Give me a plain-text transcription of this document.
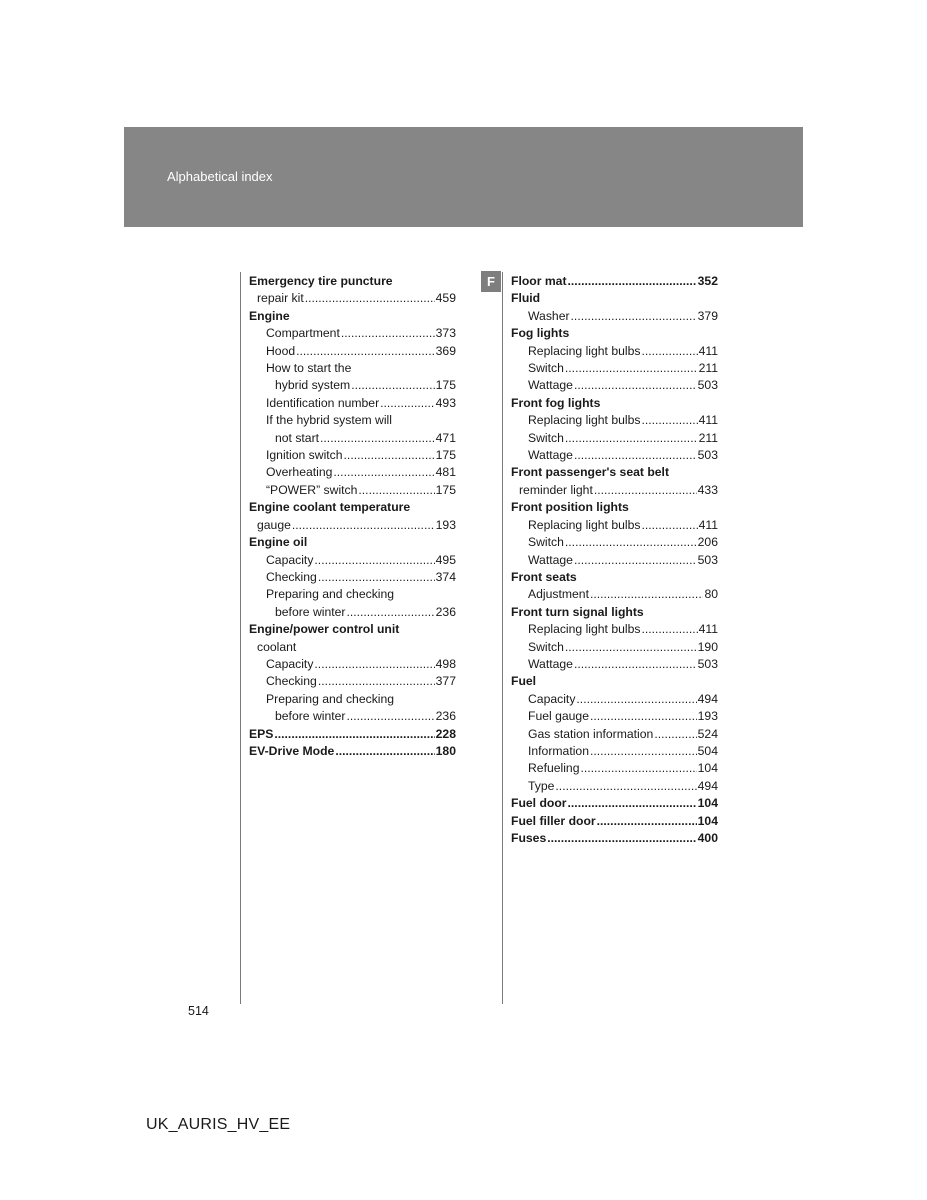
Alphabetical index
F
Emergency tire puncture
repair kit .....	459
Engine
Compartment .....	373
Hood .....	369
How to start the
hybrid system .....	175
Identification number .....	493
If the hybrid system will
not start .....	471
Ignition switch .....	175
Overheating .....	481
“POWER” switch .....	175
Engine coolant temperature
gauge .....	193
Engine oil
Capacity .....	495
Checking .....	374
Preparing and checking
before winter .....	236
Engine/power control unit
coolant
Capacity .....	498
Checking .....	377
Preparing and checking
before winter .....	236
EPS .....	228
EV-Drive Mode .....	180
Floor mat .....	352
Fluid
Washer .....	379
Fog lights
Replacing light bulbs .....	411
Switch .....	211
Wattage .....	503
Front fog lights
Replacing light bulbs .....	411
Switch .....	211
Wattage .....	503
Front passenger's seat belt
reminder light .....	433
Front position lights
Replacing light bulbs .....	411
Switch .....	206
Wattage .....	503
Front seats
Adjustment .....	80
Front turn signal lights
Replacing light bulbs .....	411
Switch .....	190
Wattage .....	503
Fuel
Capacity .....	494
Fuel gauge .....	193
Gas station information .....	524
Information .....	504
Refueling .....	104
Type .....	494
Fuel door .....	104
Fuel filler door .....	104
Fuses .....	400
514
UK_AURIS_HV_EE
